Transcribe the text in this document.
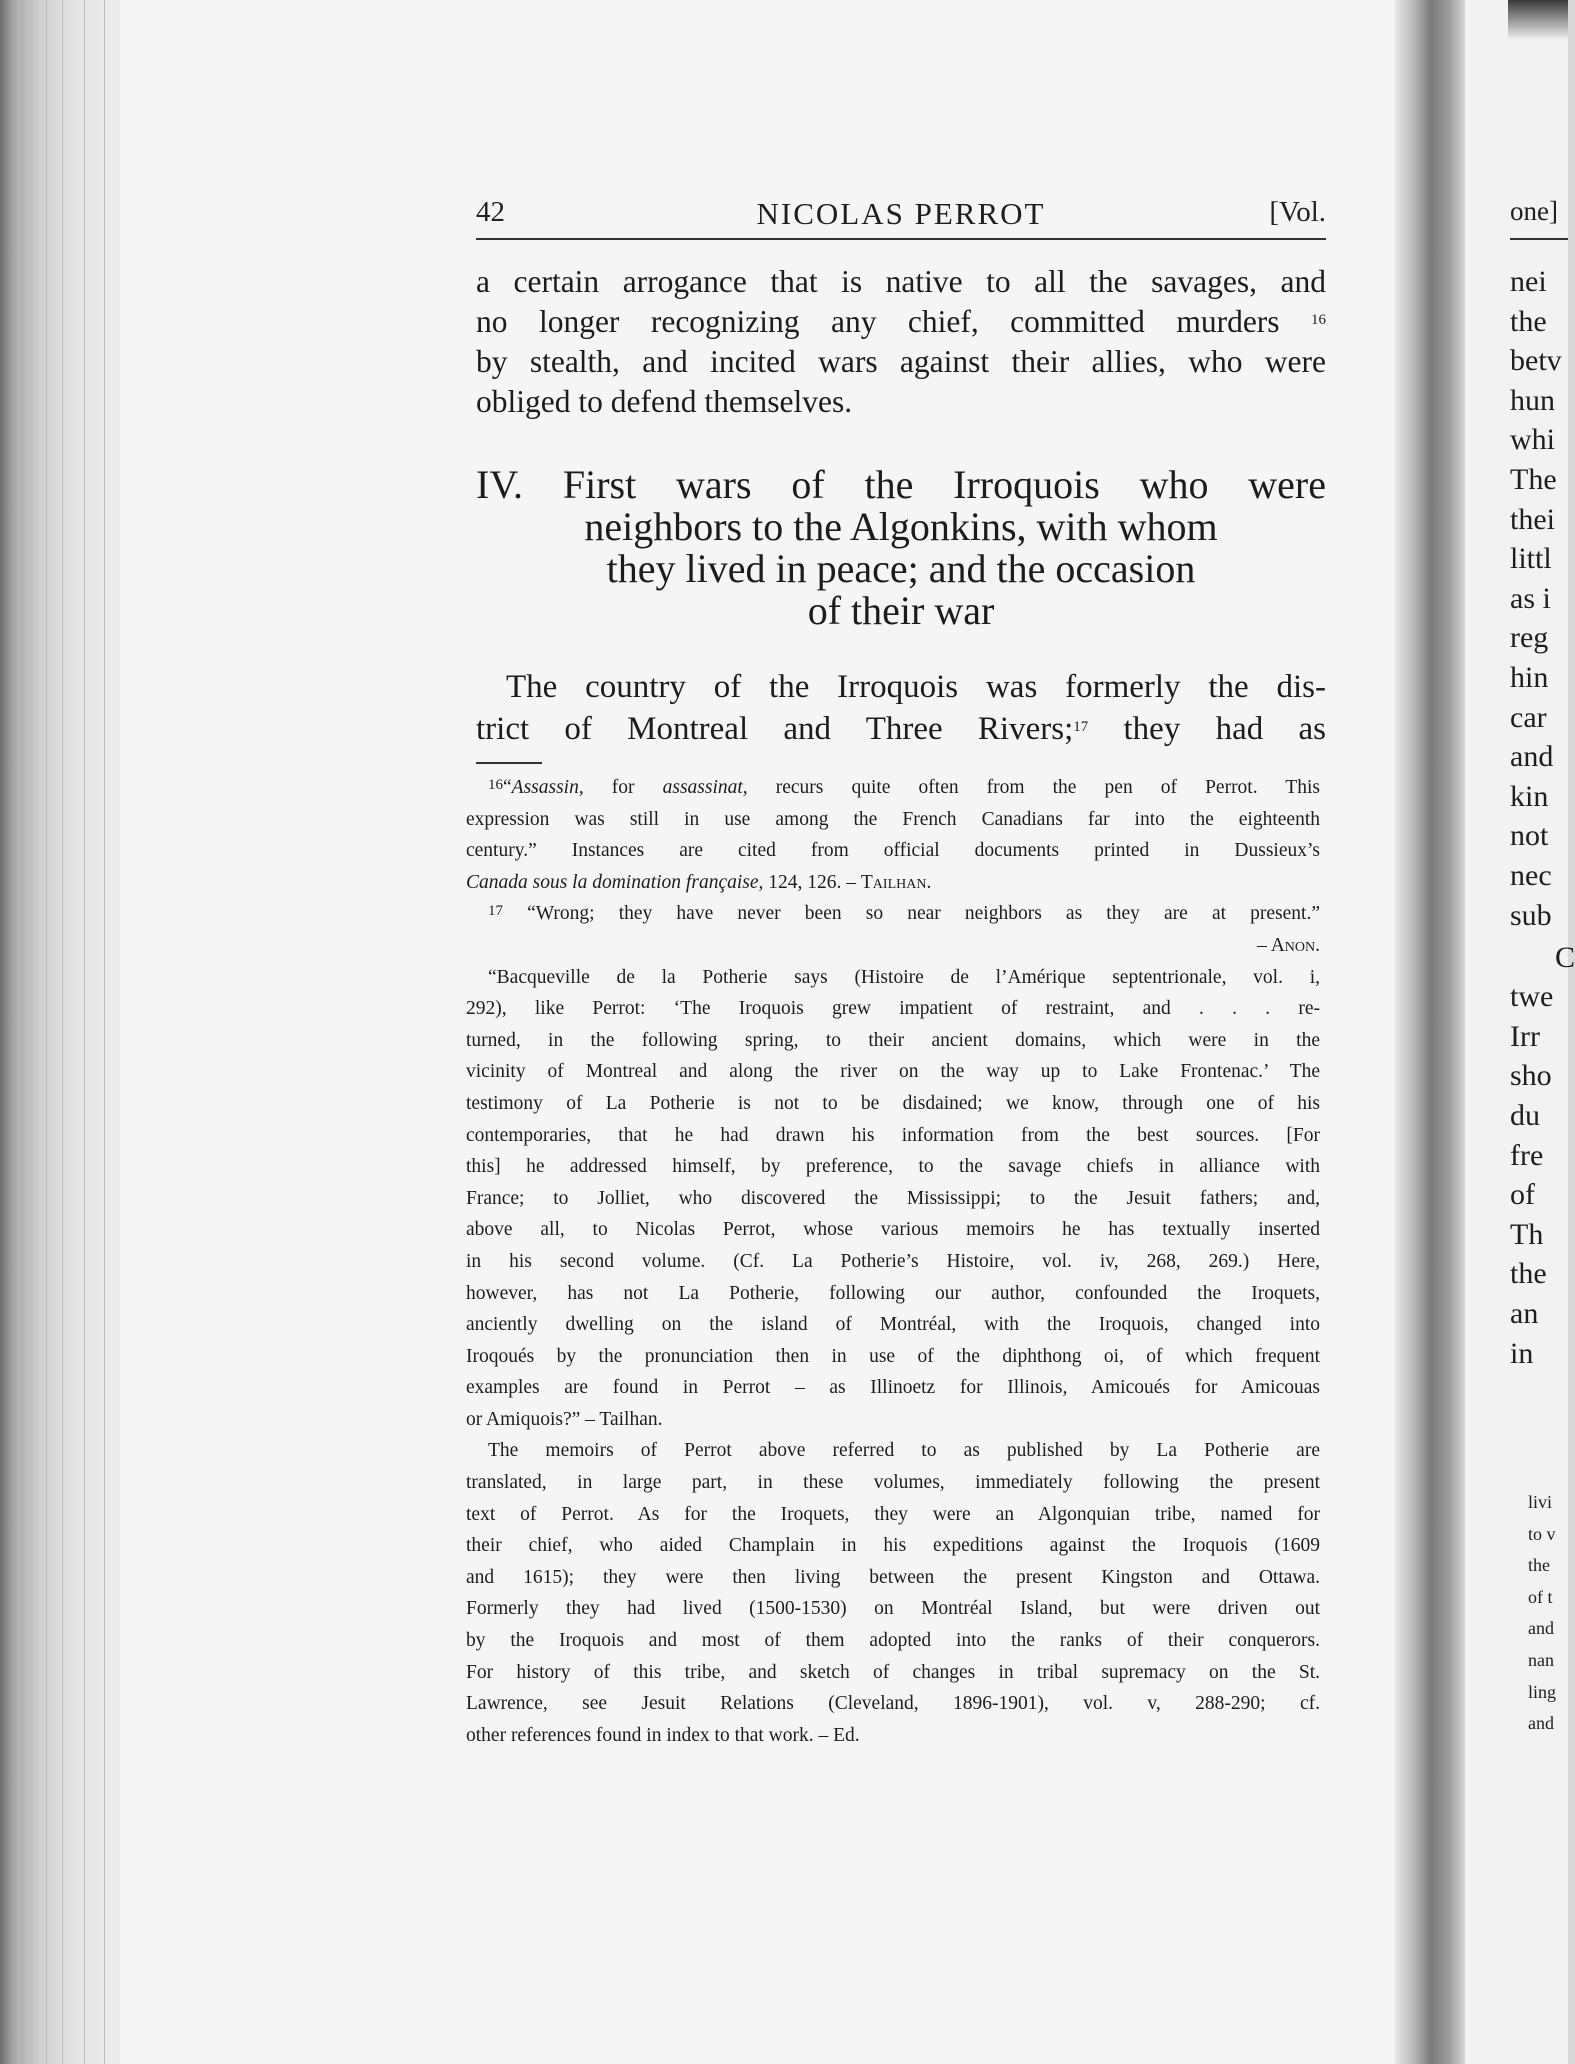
42	NICOLAS PERROT	[Vol.
a certain arrogance that is native to all the savages, and
no longer recognizing any chief, committed murders $^{16}$
by stealth, and incited wars against their allies, who were
obliged to defend themselves.
IV. First wars of the Irroquois who were
neighbors to the Algonkins, with whom
they lived in peace; and the occasion
of their war
The country of the Irroquois was formerly the dis-
trict of Montreal and Three Rivers;$^{17}$ they had as
$^{16}$“Assassin, for assassinat, recurs quite often from the pen of Perrot. This
expression was still in use among the French Canadians far into the eighteenth
century.” Instances are cited from official documents printed in Dussieux’s
Canada sous la domination française, 124, 126. – Tailhan.
$^{17}$ “Wrong; they have never been so near neighbors as they are at present.”
– Anon.
“Bacqueville de la Potherie says (Histoire de l’Amérique septentrionale, vol. i,
292), like Perrot: ‘The Iroquois grew impatient of restraint, and . . . re-
turned, in the following spring, to their ancient domains, which were in the
vicinity of Montreal and along the river on the way up to Lake Frontenac.’ The
testimony of La Potherie is not to be disdained; we know, through one of his
contemporaries, that he had drawn his information from the best sources. [For
this] he addressed himself, by preference, to the savage chiefs in alliance with
France; to Jolliet, who discovered the Mississippi; to the Jesuit fathers; and,
above all, to Nicolas Perrot, whose various memoirs he has textually inserted
in his second volume. (Cf. La Potherie’s Histoire, vol. iv, 268, 269.) Here,
however, has not La Potherie, following our author, confounded the Iroquets,
anciently dwelling on the island of Montréal, with the Iroquois, changed into
Iroqoués by the pronunciation then in use of the diphthong oi, of which frequent
examples are found in Perrot – as Illinoetz for Illinois, Amicoués for Amicouas
or Amiquois?” – Tailhan.
The memoirs of Perrot above referred to as published by La Potherie are
translated, in large part, in these volumes, immediately following the present
text of Perrot. As for the Iroquets, they were an Algonquian tribe, named for
their chief, who aided Champlain in his expeditions against the Iroquois (1609
and 1615); they were then living between the present Kingston and Ottawa.
Formerly they had lived (1500-1530) on Montréal Island, but were driven out
by the Iroquois and most of them adopted into the ranks of their conquerors.
For history of this tribe, and sketch of changes in tribal supremacy on the St.
Lawrence, see Jesuit Relations (Cleveland, 1896-1901), vol. v, 288-290; cf.
other references found in index to that work. – Ed.
one]
nei
the
betv
hun
whi
The
thei
littl
as i
reg
hin
car
and
kin
not
nec
sub
C
twe
Irr
sho
du
fre
of
Th
the
an
in
livi
to v
the
of t
and
nan
ling
and
